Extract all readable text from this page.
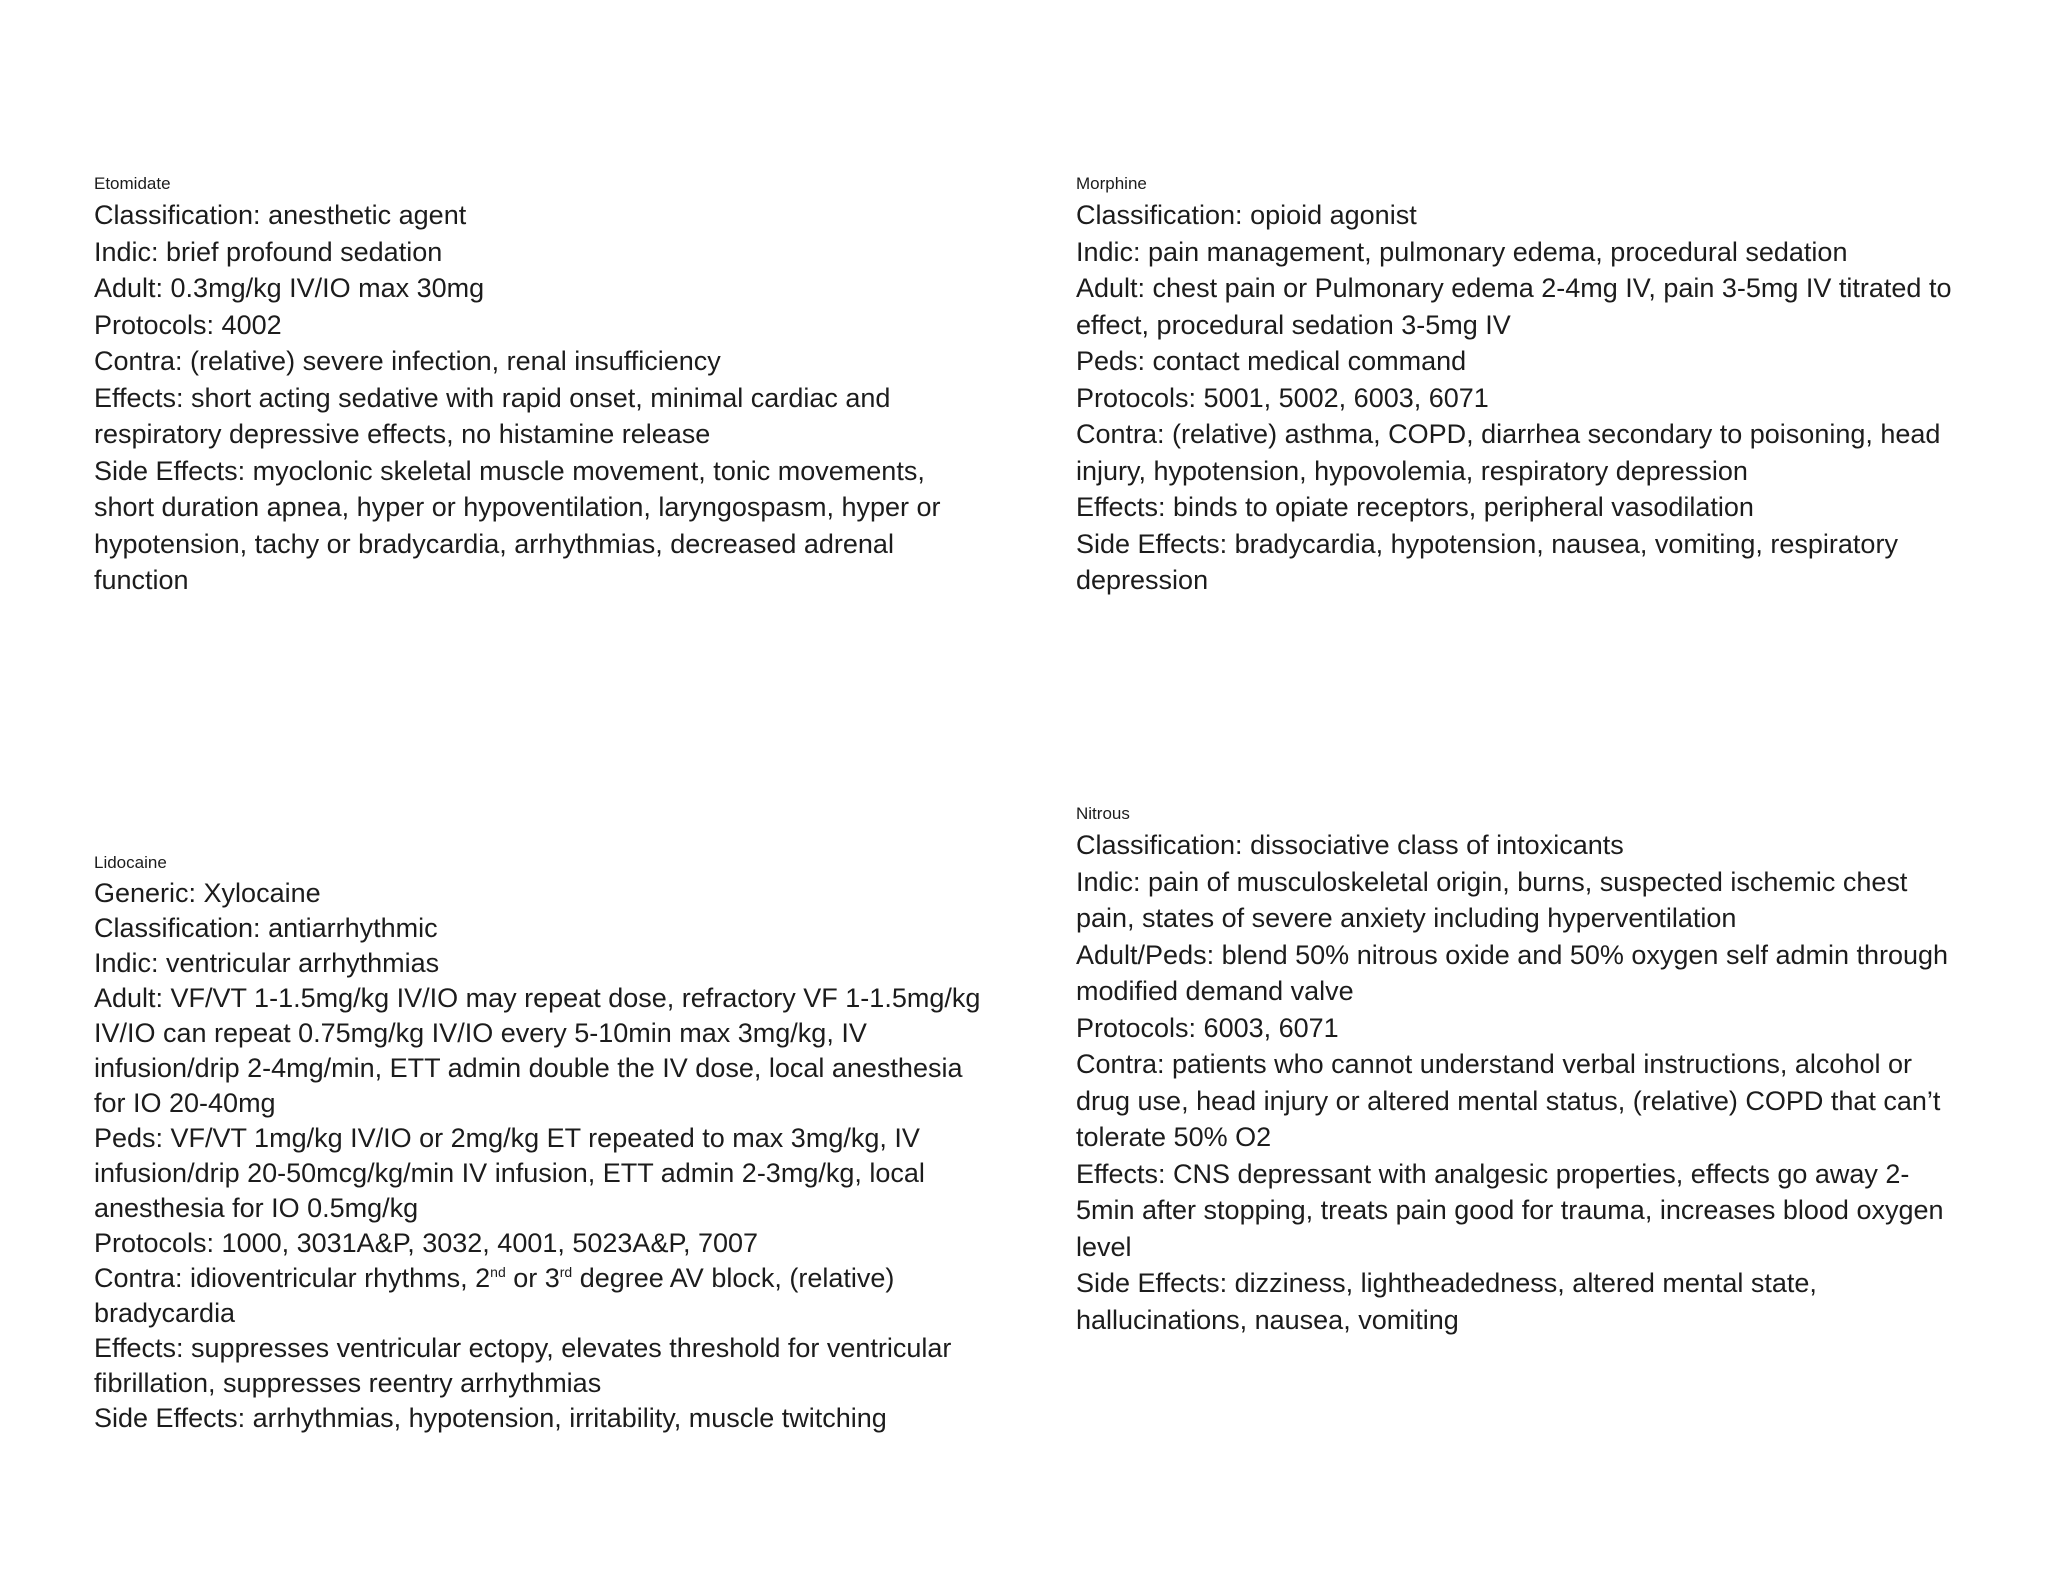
Etomidate

Classification: anesthetic agent

Indic: brief profound sedation

Adult: 0.3mg/kg IV/IO max 30mg

Protocols: 4002

Contra: (relative) severe infection, renal insufficiency

Effects: short acting sedative with rapid onset, minimal cardiac and respiratory depressive effects, no histamine release

Side Effects: myoclonic skeletal muscle movement, tonic movements, short duration apnea, hyper or hypoventilation, laryngospasm, hyper or hypotension, tachy or bradycardia, arrhythmias, decreased adrenal function

Morphine

Classification: opioid agonist

Indic: pain management, pulmonary edema, procedural sedation

Adult: chest pain or Pulmonary edema 2-4mg IV, pain 3-5mg IV titrated to effect, procedural sedation 3-5mg IV

Peds: contact medical command

Protocols: 5001, 5002, 6003, 6071

Contra: (relative) asthma, COPD, diarrhea secondary to poisoning, head injury, hypotension, hypovolemia, respiratory depression

Effects: binds to opiate receptors, peripheral vasodilation

Side Effects: bradycardia, hypotension, nausea, vomiting, respiratory depression

Lidocaine

Generic: Xylocaine

Classification: antiarrhythmic

Indic: ventricular arrhythmias

Adult: VF/VT 1-1.5mg/kg IV/IO may repeat dose, refractory VF 1-1.5mg/kg IV/IO can repeat 0.75mg/kg IV/IO every 5-10min max 3mg/kg, IV infusion/drip 2-4mg/min, ETT admin double the IV dose, local anesthesia for IO 20-40mg

Peds: VF/VT 1mg/kg IV/IO or 2mg/kg ET repeated to max 3mg/kg, IV infusion/drip 20-50mcg/kg/min IV infusion, ETT admin 2-3mg/kg, local anesthesia for IO 0.5mg/kg

Protocols: 1000, 3031A&P, 3032, 4001, 5023A&P, 7007

Contra: idioventricular rhythms, 2nd or 3rd degree AV block, (relative) bradycardia

Effects: suppresses ventricular ectopy, elevates threshold for ventricular fibrillation, suppresses reentry arrhythmias

Side Effects: arrhythmias, hypotension, irritability, muscle twitching

Nitrous

Classification: dissociative class of intoxicants

Indic: pain of musculoskeletal origin, burns, suspected ischemic chest pain, states of severe anxiety including hyperventilation

Adult/Peds: blend 50% nitrous oxide and 50% oxygen self admin through modified demand valve

Protocols: 6003, 6071

Contra: patients who cannot understand verbal instructions, alcohol or drug use, head injury or altered mental status, (relative) COPD that can’t tolerate 50% O2

Effects: CNS depressant with analgesic properties, effects go away 2-5min after stopping, treats pain good for trauma, increases blood oxygen level

Side Effects: dizziness, lightheadedness, altered mental state, hallucinations, nausea, vomiting
